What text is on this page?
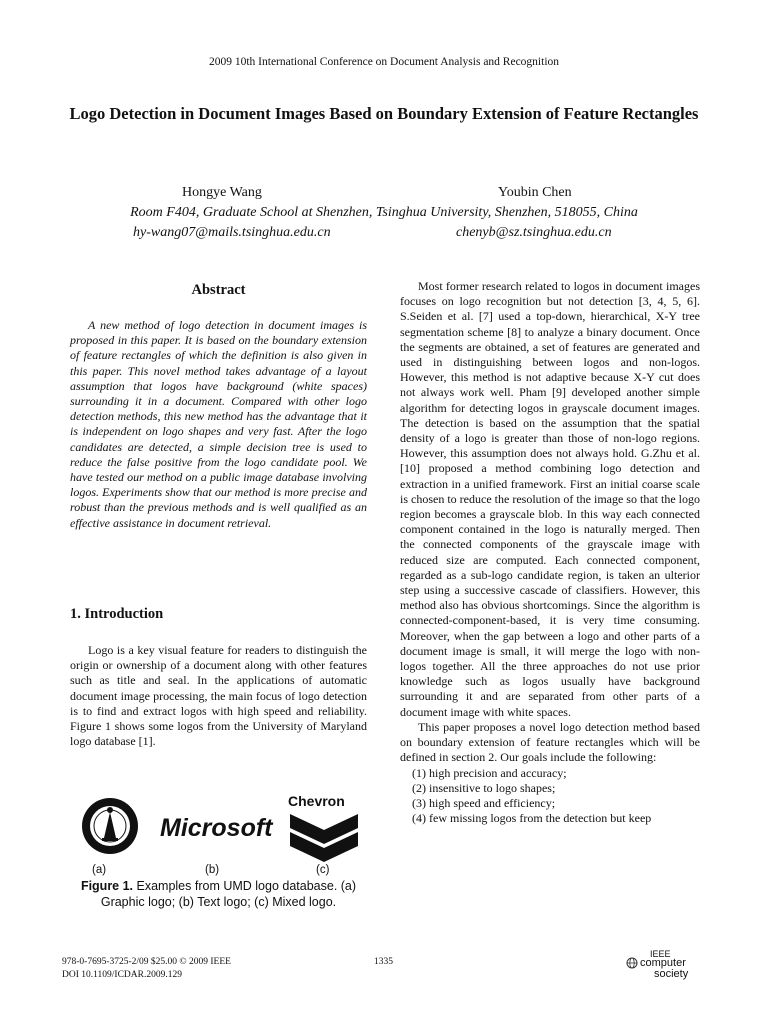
2009 10th International Conference on Document Analysis and Recognition
Logo Detection in Document Images Based on Boundary Extension of Feature Rectangles
Hongye Wang	Youbin Chen
Room F404, Graduate School at Shenzhen, Tsinghua University, Shenzhen, 518055, China
hy-wang07@mails.tsinghua.edu.cn	chenyb@sz.tsinghua.edu.cn
Abstract

A new method of logo detection in document images is proposed in this paper. It is based on the boundary extension of feature rectangles of which the definition is also given in this paper. This novel method takes advantage of a layout assumption that logos have background (white spaces) surrounding it in a document. Compared with other logo detection methods, this new method has the advantage that it is independent on logo shapes and very fast. After the logo candidates are detected, a simple decision tree is used to reduce the false positive from the logo candidate pool. We have tested our method on a public image database involving logos. Experiments show that our method is more precise and robust than the previous methods and is well qualified as an effective assistance in document retrieval.

1. Introduction

Logo is a key visual feature for readers to distinguish the origin or ownership of a document along with other features such as title and seal. In the applications of automatic document image processing, the main focus of logo detection is to find and extract logos with high speed and reliability. Figure 1 shows some logos from the University of Maryland logo database [1].

Microsoft
Chevron
(a)	(b)	(c)
Figure 1. Examples from UMD logo database. (a) Graphic logo; (b) Text logo; (c) Mixed logo.

Most former research related to logos in document images focuses on logo recognition but not detection [3, 4, 5, 6]. S.Seiden et al. [7] used a top-down, hierarchical, X-Y tree segmentation scheme [8] to analyze a binary document. Once the segments are obtained, a set of features are generated and used in distinguishing between logos and non-logos. However, this method is not adaptive because X-Y cut does not always work well. Pham [9] developed another simple algorithm for detecting logos in grayscale document images. The detection is based on the assumption that the spatial density of a logo is greater than those of non-logo regions. However, this assumption does not always hold. G.Zhu et al. [10] proposed a method combining logo detection and extraction in a unified framework. First an initial coarse scale is chosen to reduce the resolution of the image so that the logo region becomes a grayscale blob. In this way each connected component contained in the logo is naturally merged. Then the connected components of the grayscale image with reduced size are computed. Each connected component, regarded as a sub-logo candidate region, is taken an ulterior step using a successive cascade of classifiers. However, this method also has obvious shortcomings. Since the algorithm is connected-component-based, it is very time consuming. Moreover, when the gap between a logo and other parts of a document image is small, it will merge the logo with non-logos together. All the three approaches do not use prior knowledge such as logos usually have background surrounding it and are separated from other parts of a document image with white spaces.

This paper proposes a novel logo detection method based on boundary extension of feature rectangles which will be defined in section 2. Our goals include the following:

(1) high precision and accuracy;
(2) insensitive to logo shapes;
(3) high speed and efficiency;
(4) few missing logos from the detection but keep
978-0-7695-3725-2/09 $25.00 © 2009 IEEE
DOI 10.1109/ICDAR.2009.129
1335
IEEE
computer
society
